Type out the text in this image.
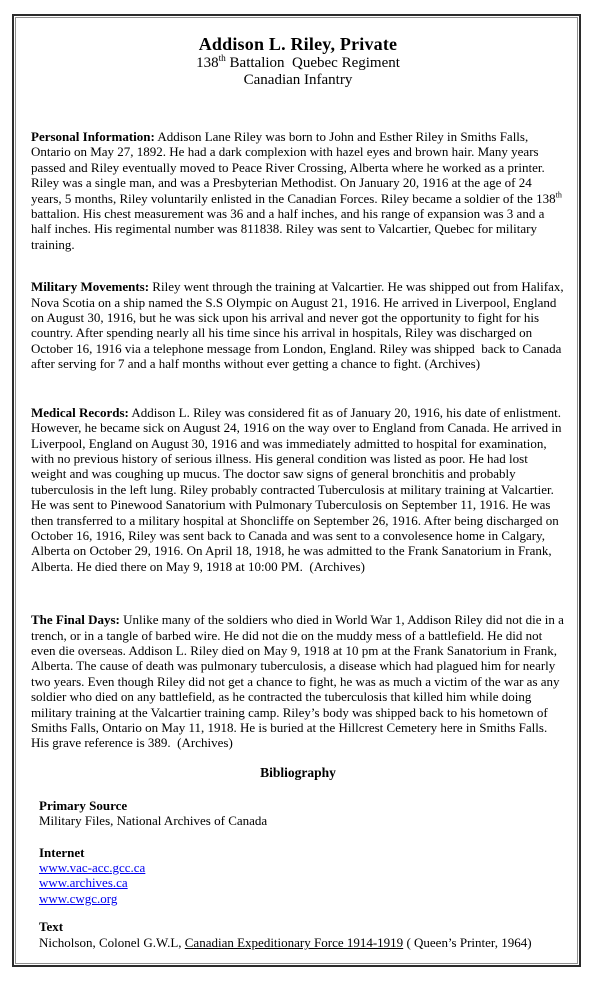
Addison L. Riley, Private
138th Battalion  Quebec Regiment
Canadian Infantry

Personal Information: Addison Lane Riley was born to John and Esther Riley in Smiths Falls, Ontario on May 27, 1892. He had a dark complexion with hazel eyes and brown hair. Many years passed and Riley eventually moved to Peace River Crossing, Alberta where he worked as a printer. Riley was a single man, and was a Presbyterian Methodist. On January 20, 1916 at the age of 24 years, 5 months, Riley voluntarily enlisted in the Canadian Forces. Riley became a soldier of the 138th battalion. His chest measurement was 36 and a half inches, and his range of expansion was 3 and a half inches. His regimental number was 811838. Riley was sent to Valcartier, Quebec for military training.

Military Movements: Riley went through the training at Valcartier. He was shipped out from Halifax, Nova Scotia on a ship named the S.S Olympic on August 21, 1916. He arrived in Liverpool, England on August 30, 1916, but he was sick upon his arrival and never got the opportunity to fight for his country. After spending nearly all his time since his arrival in hospitals, Riley was discharged on October 16, 1916 via a telephone message from London, England. Riley was shipped  back to Canada after serving for 7 and a half months without ever getting a chance to fight. (Archives)

Medical Records: Addison L. Riley was considered fit as of January 20, 1916, his date of enlistment. However, he became sick on August 24, 1916 on the way over to England from Canada. He arrived in Liverpool, England on August 30, 1916 and was immediately admitted to hospital for examination, with no previous history of serious illness. His general condition was listed as poor. He had lost weight and was coughing up mucus. The doctor saw signs of general bronchitis and probably tuberculosis in the left lung. Riley probably contracted Tuberculosis at military training at Valcartier. He was sent to Pinewood Sanatorium with Pulmonary Tuberculosis on September 11, 1916. He was then transferred to a military hospital at Shoncliffe on September 26, 1916. After being discharged on October 16, 1916, Riley was sent back to Canada and was sent to a convolesence home in Calgary, Alberta on October 29, 1916. On April 18, 1918, he was admitted to the Frank Sanatorium in Frank, Alberta. He died there on May 9, 1918 at 10:00 PM.  (Archives)

The Final Days: Unlike many of the soldiers who died in World War 1, Addison Riley did not die in a trench, or in a tangle of barbed wire. He did not die on the muddy mess of a battlefield. He did not even die overseas. Addison L. Riley died on May 9, 1918 at 10 pm at the Frank Sanatorium in Frank, Alberta. The cause of death was pulmonary tuberculosis, a disease which had plagued him for nearly two years. Even though Riley did not get a chance to fight, he was as much a victim of the war as any soldier who died on any battlefield, as he contracted the tuberculosis that killed him while doing military training at the Valcartier training camp. Riley’s body was shipped back to his hometown of Smiths Falls, Ontario on May 11, 1918. He is buried at the Hillcrest Cemetery here in Smiths Falls. His grave reference is 389.  (Archives)

Bibliography
Primary Source
Military Files, National Archives of Canada
Internet
www.vac-acc.gcc.ca
www.archives.ca
www.cwgc.org
Text
Nicholson, Colonel G.W.L, Canadian Expeditionary Force 1914-1919 ( Queen’s Printer, 1964)
